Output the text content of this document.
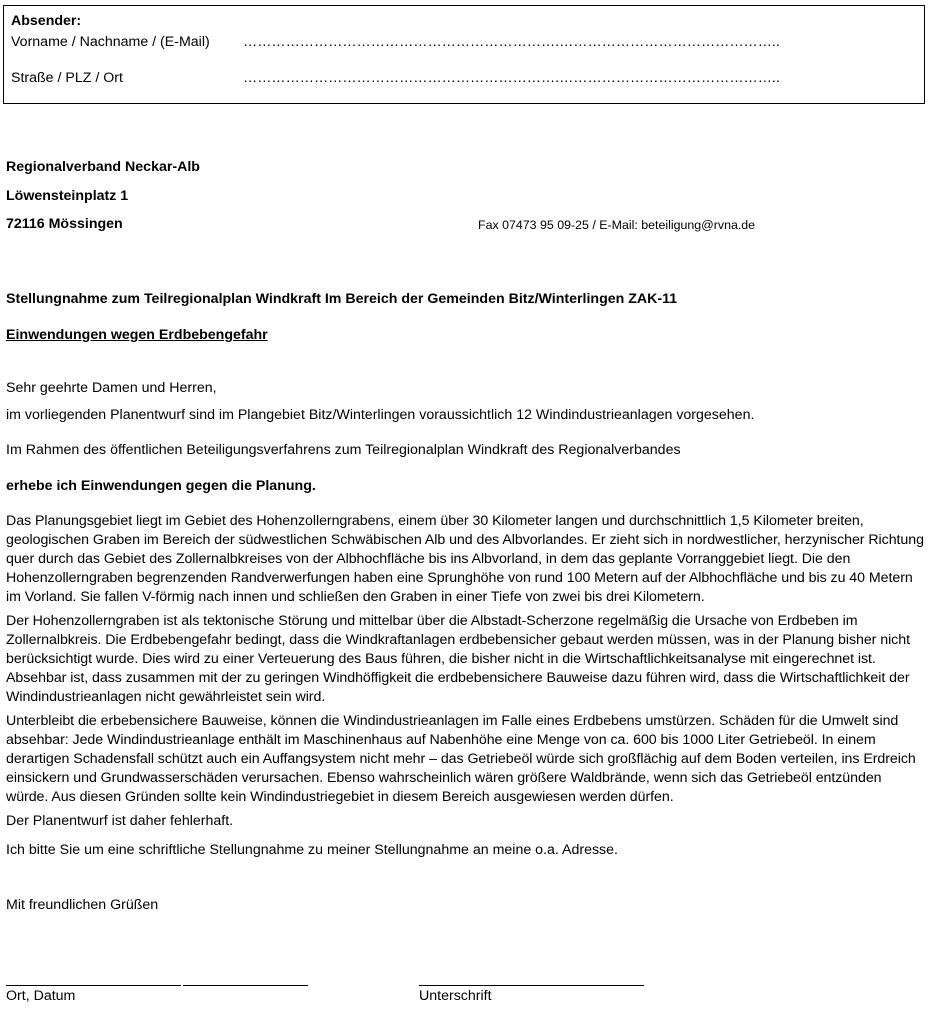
Absender:
Vorname / Nachname / (E-Mail) ………………………………………………………….………………………………………..
Straße / PLZ / Ort	………………………………………………………….………………………………………..
Regionalverband Neckar-Alb
Löwensteinplatz 1
72116 Mössingen	Fax 07473 95 09-25 / E-Mail: beteiligung@rvna.de
Stellungnahme zum Teilregionalplan Windkraft Im Bereich der Gemeinden Bitz/Winterlingen ZAK-11
Einwendungen wegen Erdbebengefahr
Sehr geehrte Damen und Herren,
im vorliegenden Planentwurf sind im Plangebiet Bitz/Winterlingen voraussichtlich 12 Windindustrieanlagen vorgesehen.
Im Rahmen des öffentlichen Beteiligungsverfahrens zum Teilregionalplan Windkraft des Regionalverbandes
erhebe ich Einwendungen gegen die Planung.

Das Planungsgebiet liegt im Gebiet des Hohenzollerngrabens, einem über 30 Kilometer langen und durchschnittlich 1,5 Kilometer breiten, geologischen Graben im Bereich der südwestlichen Schwäbischen Alb und des Albvorlandes. Er zieht sich in nordwestlicher, herzynischer Richtung quer durch das Gebiet des Zollernalbkreises von der Albhochfläche bis ins Albvorland, in dem das geplante Vorranggebiet liegt. Die den Hohenzollerngraben begrenzenden Randverwerfungen haben eine Sprunghöhe von rund 100 Metern auf der Albhochfläche und bis zu 40 Metern im Vorland. Sie fallen V-förmig nach innen und schließen den Graben in einer Tiefe von zwei bis drei Kilometern.

Der Hohenzollerngraben ist als tektonische Störung und mittelbar über die Albstadt-Scherzone regelmäßig die Ursache von Erdbeben im Zollernalbkreis. Die Erdbebengefahr bedingt, dass die Windkraftanlagen erdbebensicher gebaut werden müssen, was in der Planung bisher nicht berücksichtigt wurde. Dies wird zu einer Verteuerung des Baus führen, die bisher nicht in die Wirtschaftlichkeitsanalyse mit eingerechnet ist. Absehbar ist, dass zusammen mit der zu geringen Windhöffigkeit die erdbebensichere Bauweise dazu führen wird, dass die Wirtschaftlichkeit der Windindustrieanlagen nicht gewährleistet sein wird.

Unterbleibt die erbebensichere Bauweise, können die Windindustrieanlagen im Falle eines Erdbebens umstürzen. Schäden für die Umwelt sind absehbar: Jede Windindustrieanlage enthält im Maschinenhaus auf Nabenhöhe eine Menge von ca. 600 bis 1000 Liter Getriebeöl. In einem derartigen Schadensfall schützt auch ein Auffangsystem nicht mehr – das Getriebeöl würde sich großflächig auf dem Boden verteilen, ins Erdreich einsickern und Grundwasserschäden verursachen. Ebenso wahrscheinlich wären größere Waldbrände, wenn sich das Getriebeöl entzünden würde. Aus diesen Gründen sollte kein Windindustriegebiet in diesem Bereich ausgewiesen werden dürfen.

Der Planentwurf ist daher fehlerhaft.
Ich bitte Sie um eine schriftliche Stellungnahme zu meiner Stellungnahme an meine o.a. Adresse.
Mit freundlichen Grüßen
Ort, Datum	Unterschrift
